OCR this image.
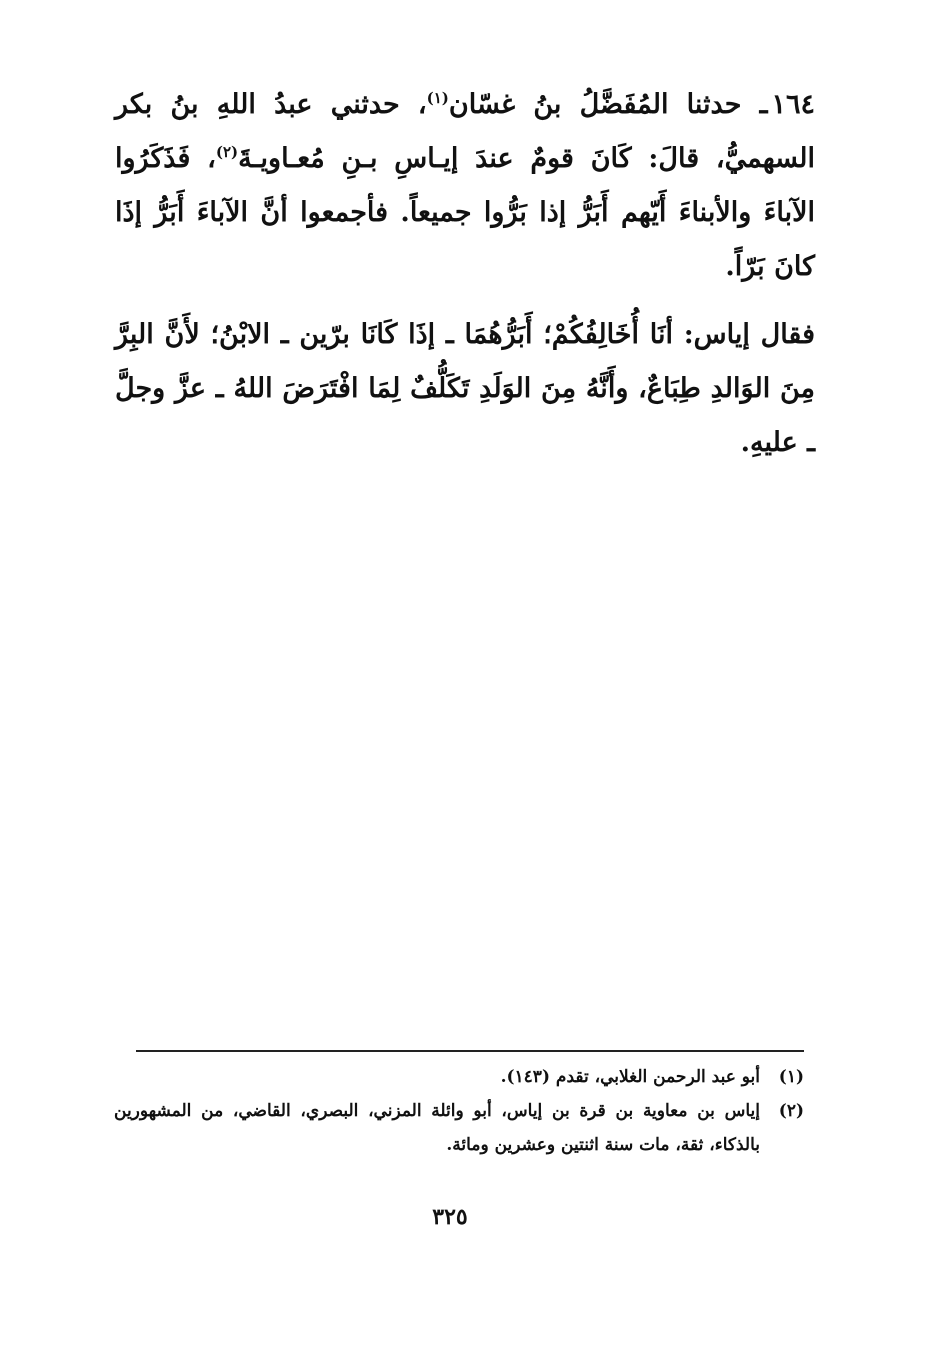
١٦٤ـ حدثنا المُفَضَّلُ بنُ غسّان$^{(١)}$، حدثني عبدُ اللهِ بنُ بكر السهميُّ، قالَ: كَانَ قومٌ عندَ إيـاسِ بـنِ مُعـاويـةَ$^{(٢)}$، فَذَكَرُوا الآباءَ والأبناءَ أَيّهم أَبَرُّ إذا بَرُّوا جميعاً. فأجمعوا أنَّ الآباءَ أَبَرُّ إذَا كانَ بَرّاً.

فقال إياس: أنَا أُخَالِفُكُمْ؛ أَبَرُّهُمَا ـ إذَا كَانَا برّين ـ الابْنُ؛ لأَنَّ البِرَّ مِنَ الوَالدِ طِبَاعٌ، وأَنَّهُ مِنَ الوَلَدِ تَكَلُّفٌ لِمَا افْتَرَضَ اللهُ ـ عزَّ وجلَّ ـ عليهِ.

(١)
أبو عبد الرحمن الغلابي، تقدم (١٤٣).

(٢)
إياس بن معاوية بن قرة بن إياس، أبو وائلة المزني، البصري، القاضي، من المشهورين بالذكاء، ثقة، مات سنة اثنتين وعشرين ومائة.

٣٢٥
